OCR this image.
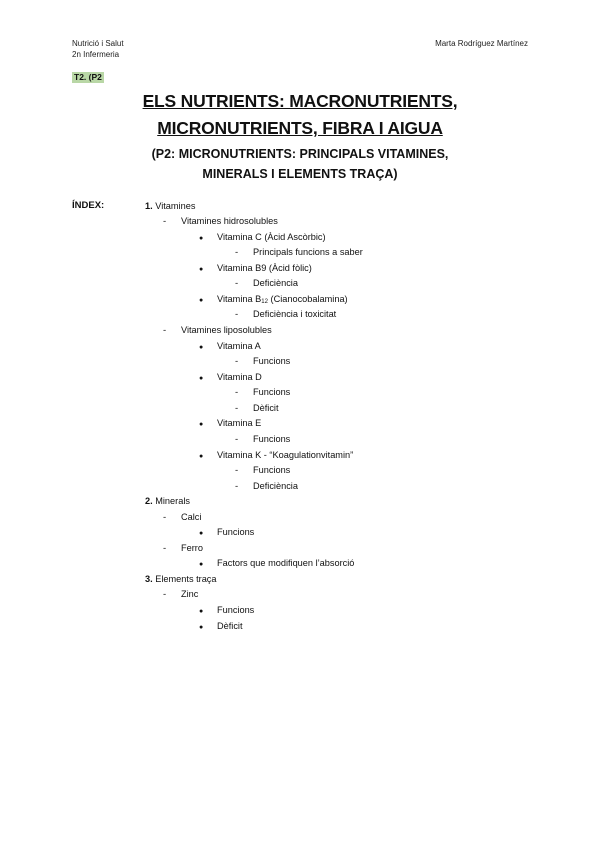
Nutrició i Salut
2n Infermeria
Marta Rodríguez Martínez
T2. (P2
ELS NUTRIENTS: MACRONUTRIENTS,
MICRONUTRIENTS, FIBRA I AIGUA
(P2: MICRONUTRIENTS: PRINCIPALS VITAMINES,
MINERALS I ELEMENTS TRAÇA)
ÍNDEX:	1. Vitamines
- Vitamines hidrosolubles
● Vitamina C (Àcid Ascòrbic)
- Principals funcions a saber
● Vitamina B9 (Àcid fòlic)
- Deficiència
● Vitamina $B_{12}$ (Cianocobalamina)
- Deficiència i toxicitat
- Vitamines liposolubles
● Vitamina A
- Funcions
● Vitamina D
- Funcions
- Dèficit
● Vitamina E
- Funcions
● Vitamina K - “Koagulationvitamin”
- Funcions
- Deficiència
2. Minerals
- Calci
● Funcions
- Ferro
● Factors que modifiquen l’absorció
3. Elements traça
- Zinc
● Funcions
● Dèficit
